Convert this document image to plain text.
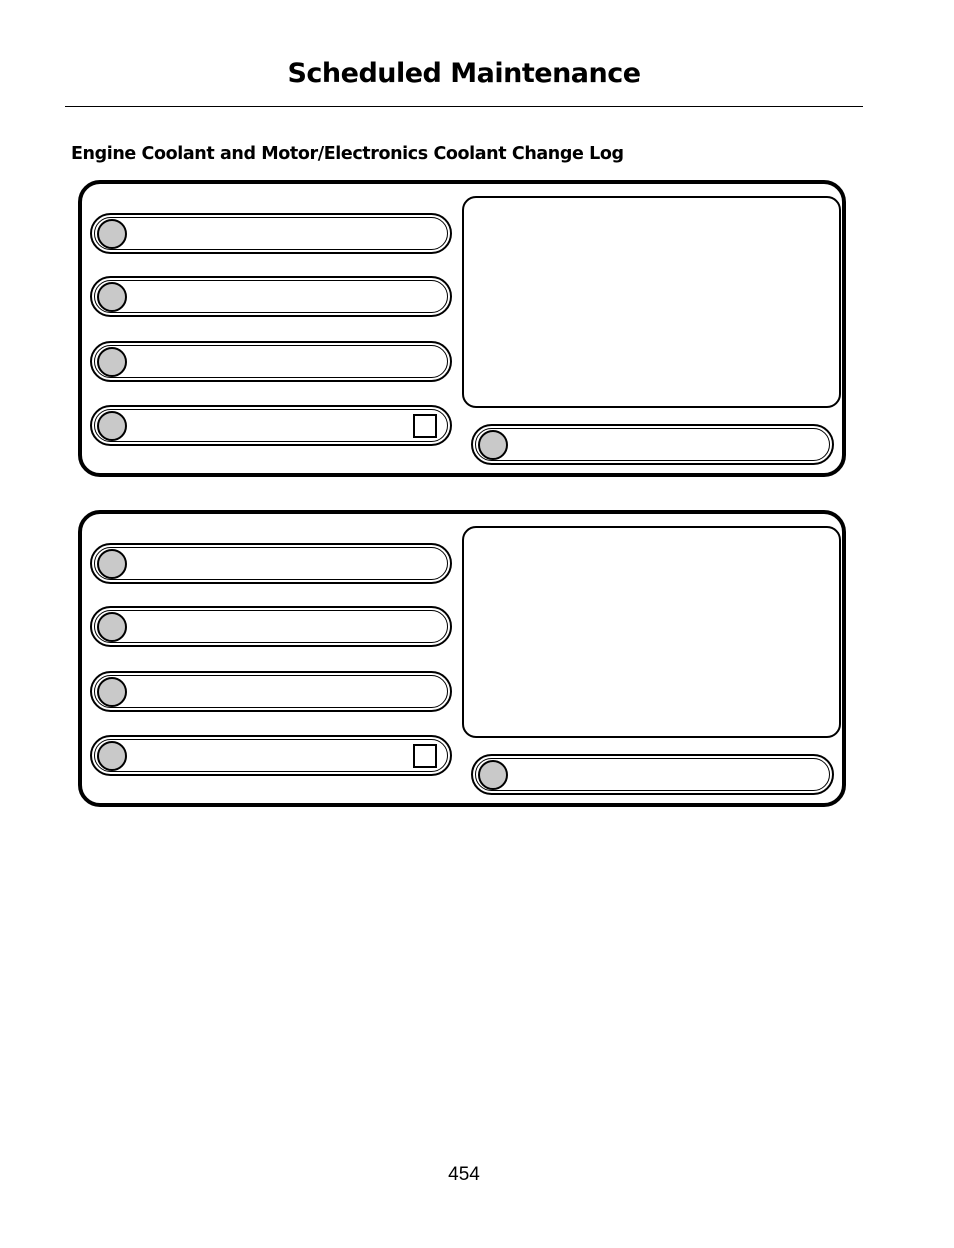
Scheduled Maintenance
Engine Coolant and Motor/Electronics Coolant Change Log
454
